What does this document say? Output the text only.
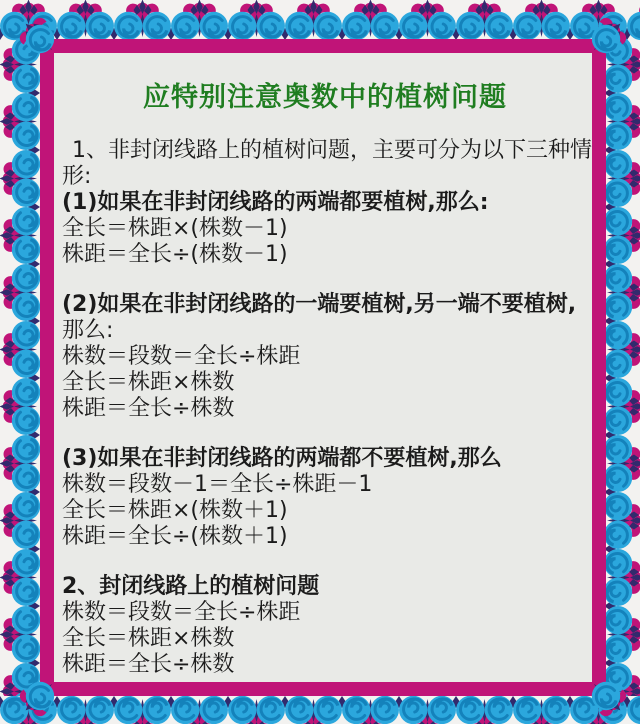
应特别注意奥数中的植树问题
1、非封闭线路上的植树问题，主要可分为以下三种情
形:
(1)如果在非封闭线路的两端都要植树,那么:
全长＝株距×(株数－1)
株距＝全长÷(株数－1)
(2)如果在非封闭线路的一端要植树,另一端不要植树,
那么:
株数＝段数＝全长÷株距
全长＝株距×株数
株距＝全长÷株数
(3)如果在非封闭线路的两端都不要植树,那么
株数＝段数－1＝全长÷株距－1
全长＝株距×(株数＋1)
株距＝全长÷(株数＋1)
2、封闭线路上的植树问题
株数＝段数＝全长÷株距
全长＝株距×株数
株距＝全长÷株数
